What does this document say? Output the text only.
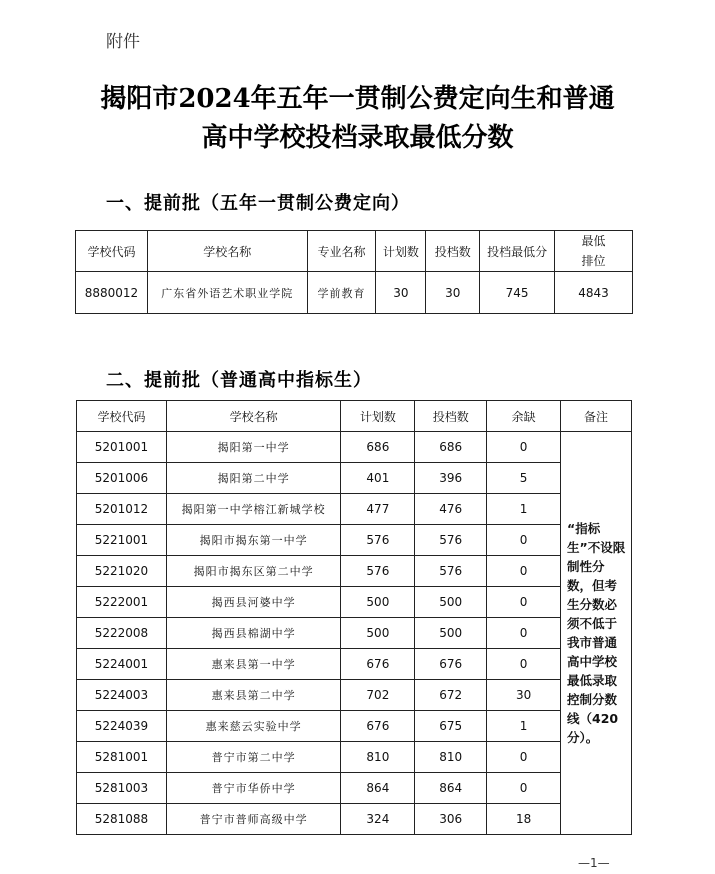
附件
揭阳市2024年五年一贯制公费定向生和普通
高中学校投档录取最低分数
一、提前批（五年一贯制公费定向）
学校代码	学校名称	专业名称	计划数	投档数	投档最低分	最低排位
8880012	广东省外语艺术职业学院	学前教育	30	30	745	4843
二、提前批（普通高中指标生）
学校代码	学校名称	计划数	投档数	余缺	备注
5201001	揭阳第一中学	686	686	0	“指标生”不设限制性分数，但考生分数必须不低于我市普通高中学校最低录取控制分数线（420分）。
5201006	揭阳第二中学	401	396	5	
5201012	揭阳第一中学榕江新城学校	477	476	1	
5221001	揭阳市揭东第一中学	576	576	0	
5221020	揭阳市揭东区第二中学	576	576	0	
5222001	揭西县河婆中学	500	500	0	
5222008	揭西县棉湖中学	500	500	0	
5224001	惠来县第一中学	676	676	0	
5224003	惠来县第二中学	702	672	30	
5224039	惠来慈云实验中学	676	675	1	
5281001	普宁市第二中学	810	810	0	
5281003	普宁市华侨中学	864	864	0	
5281088	普宁市普师高级中学	324	306	18	
—1—
